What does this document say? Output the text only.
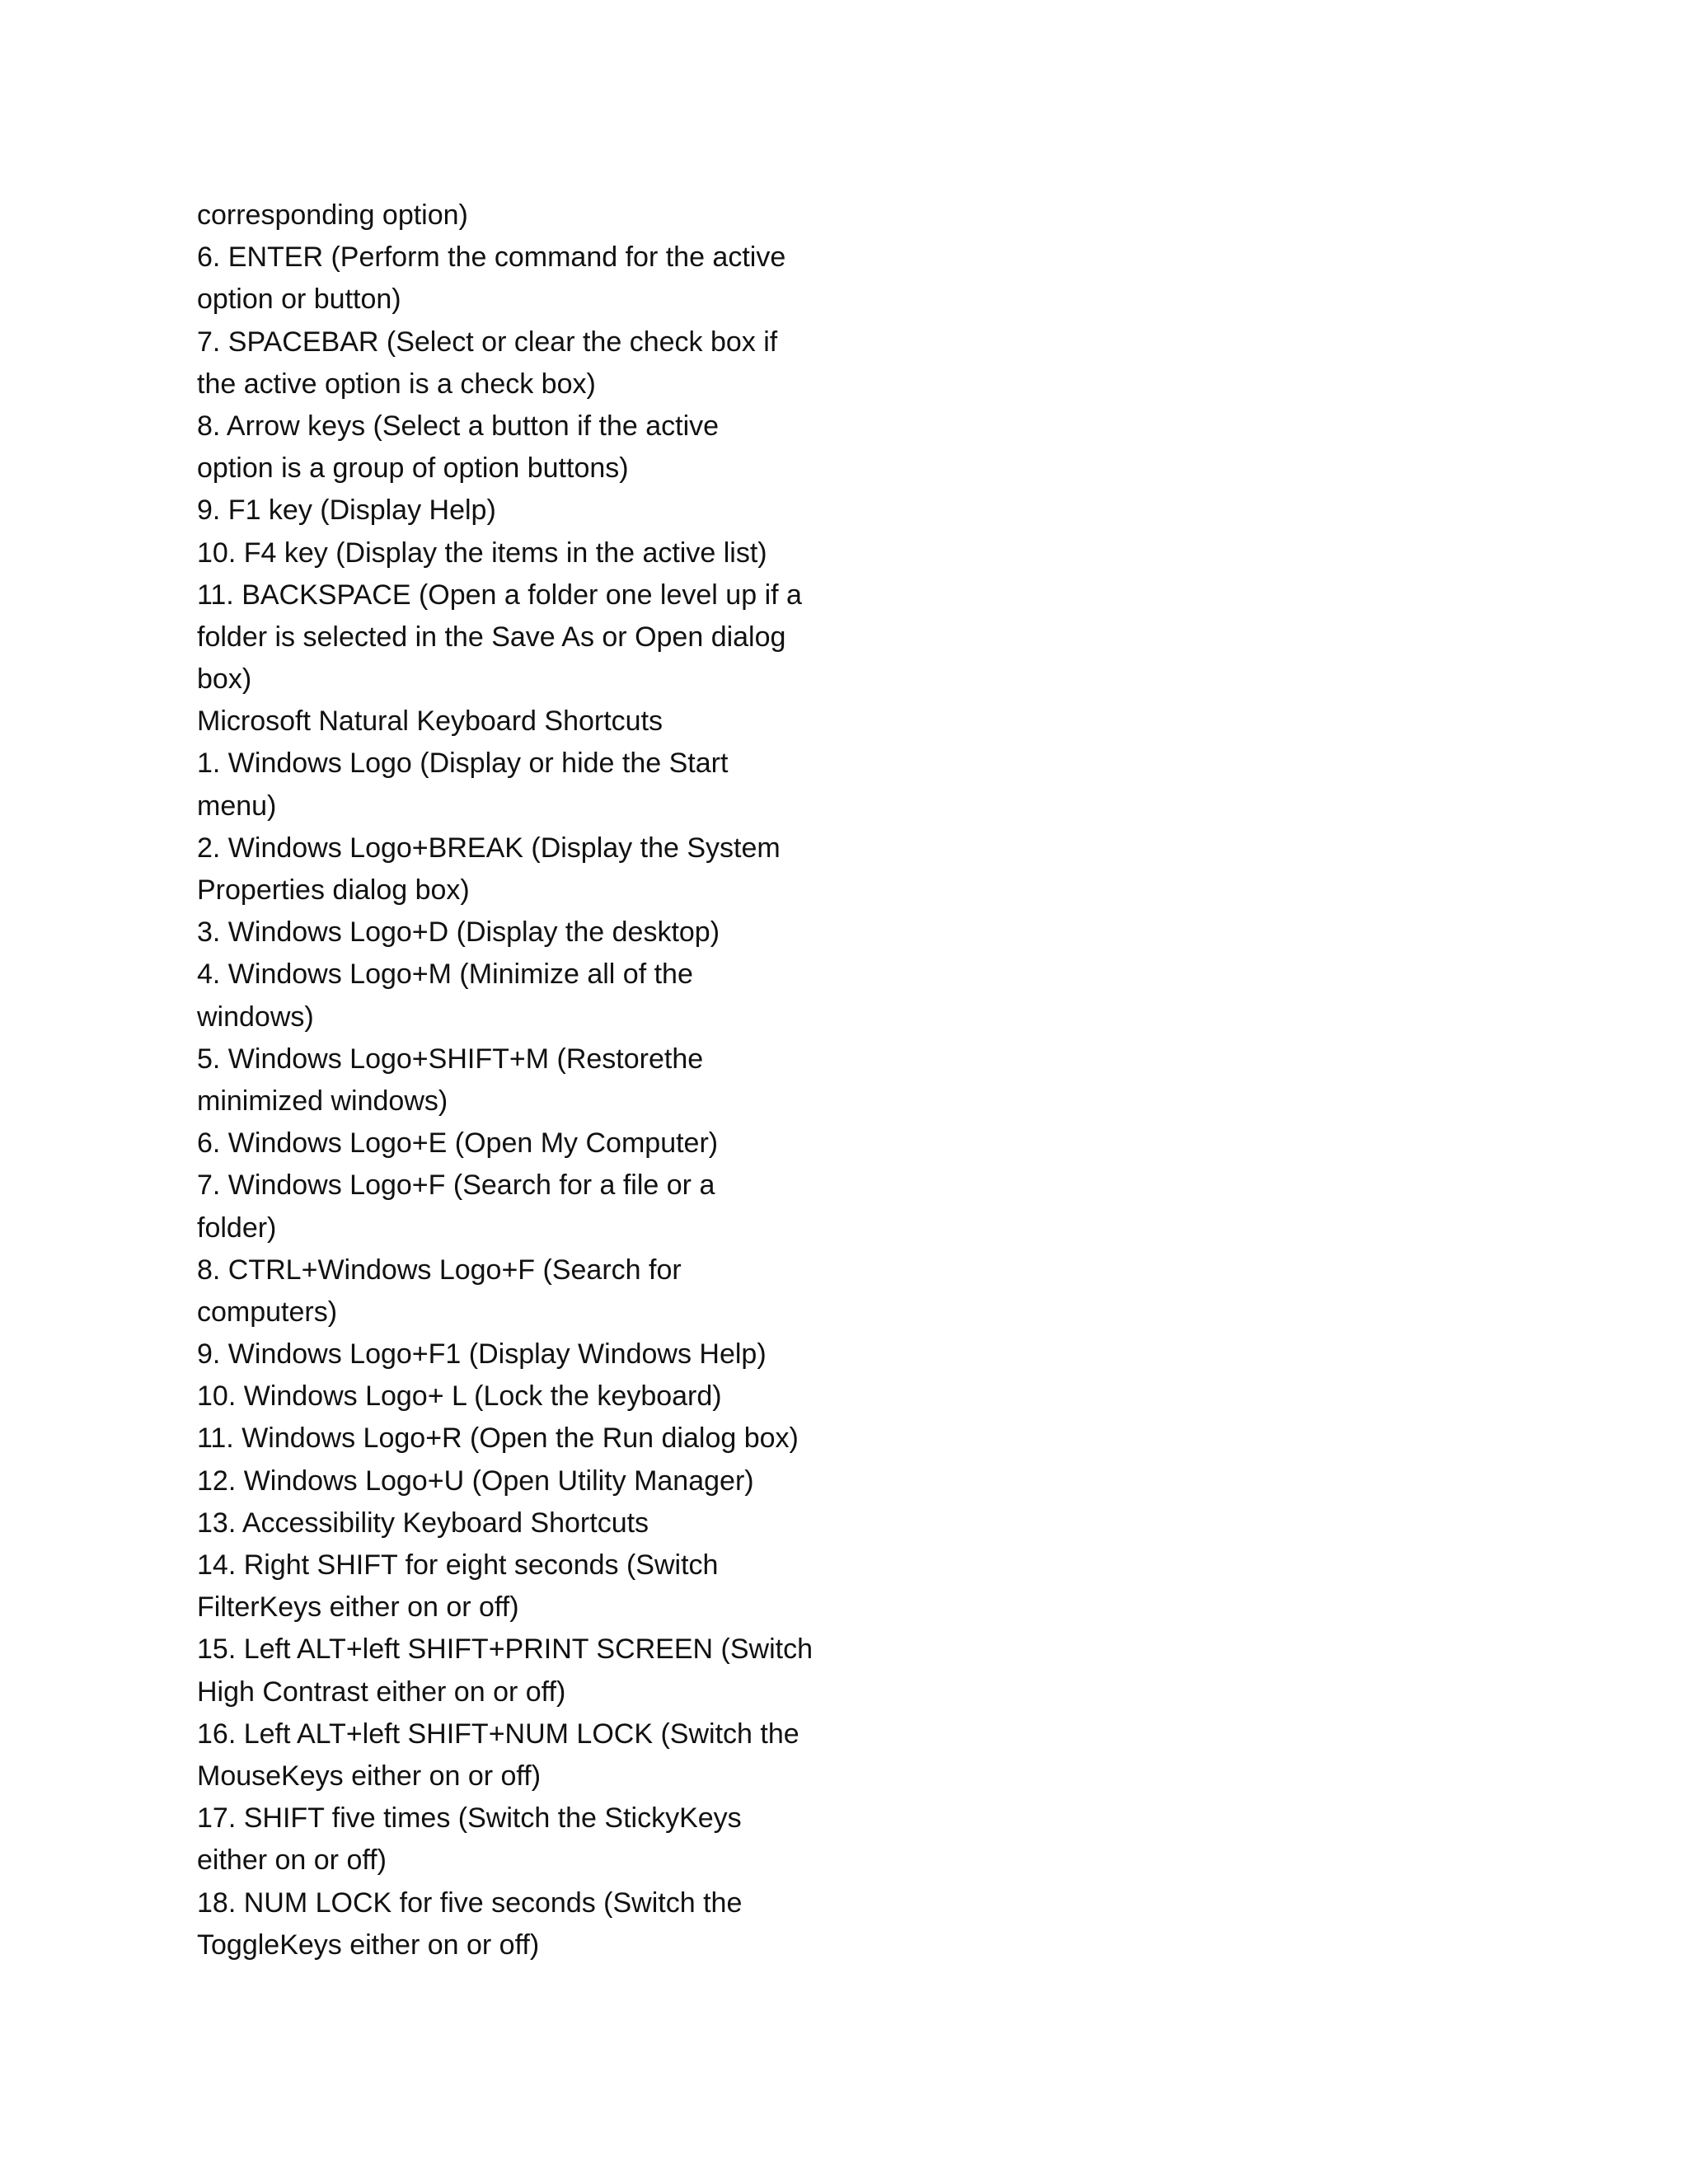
corresponding option)
6. ENTER (Perform the command for the active
option or button)
7. SPACEBAR (Select or clear the check box if
the active option is a check box)
8. Arrow keys (Select a button if the active
option is a group of option buttons)
9. F1 key (Display Help)
10. F4 key (Display the items in the active list)
11. BACKSPACE (Open a folder one level up if a
folder is selected in the Save As or Open dialog
box)
Microsoft Natural Keyboard Shortcuts
1. Windows Logo (Display or hide the Start
menu)
2. Windows Logo+BREAK (Display the System
Properties dialog box)
3. Windows Logo+D (Display the desktop)
4. Windows Logo+M (Minimize all of the
windows)
5. Windows Logo+SHIFT+M (Restorethe
minimized windows)
6. Windows Logo+E (Open My Computer)
7. Windows Logo+F (Search for a file or a
folder)
8. CTRL+Windows Logo+F (Search for
computers)
9. Windows Logo+F1 (Display Windows Help)
10. Windows Logo+ L (Lock the keyboard)
11. Windows Logo+R (Open the Run dialog box)
12. Windows Logo+U (Open Utility Manager)
13. Accessibility Keyboard Shortcuts
14. Right SHIFT for eight seconds (Switch
FilterKeys either on or off)
15. Left ALT+left SHIFT+PRINT SCREEN (Switch
High Contrast either on or off)
16. Left ALT+left SHIFT+NUM LOCK (Switch the
MouseKeys either on or off)
17. SHIFT five times (Switch the StickyKeys
either on or off)
18. NUM LOCK for five seconds (Switch the
ToggleKeys either on or off)
